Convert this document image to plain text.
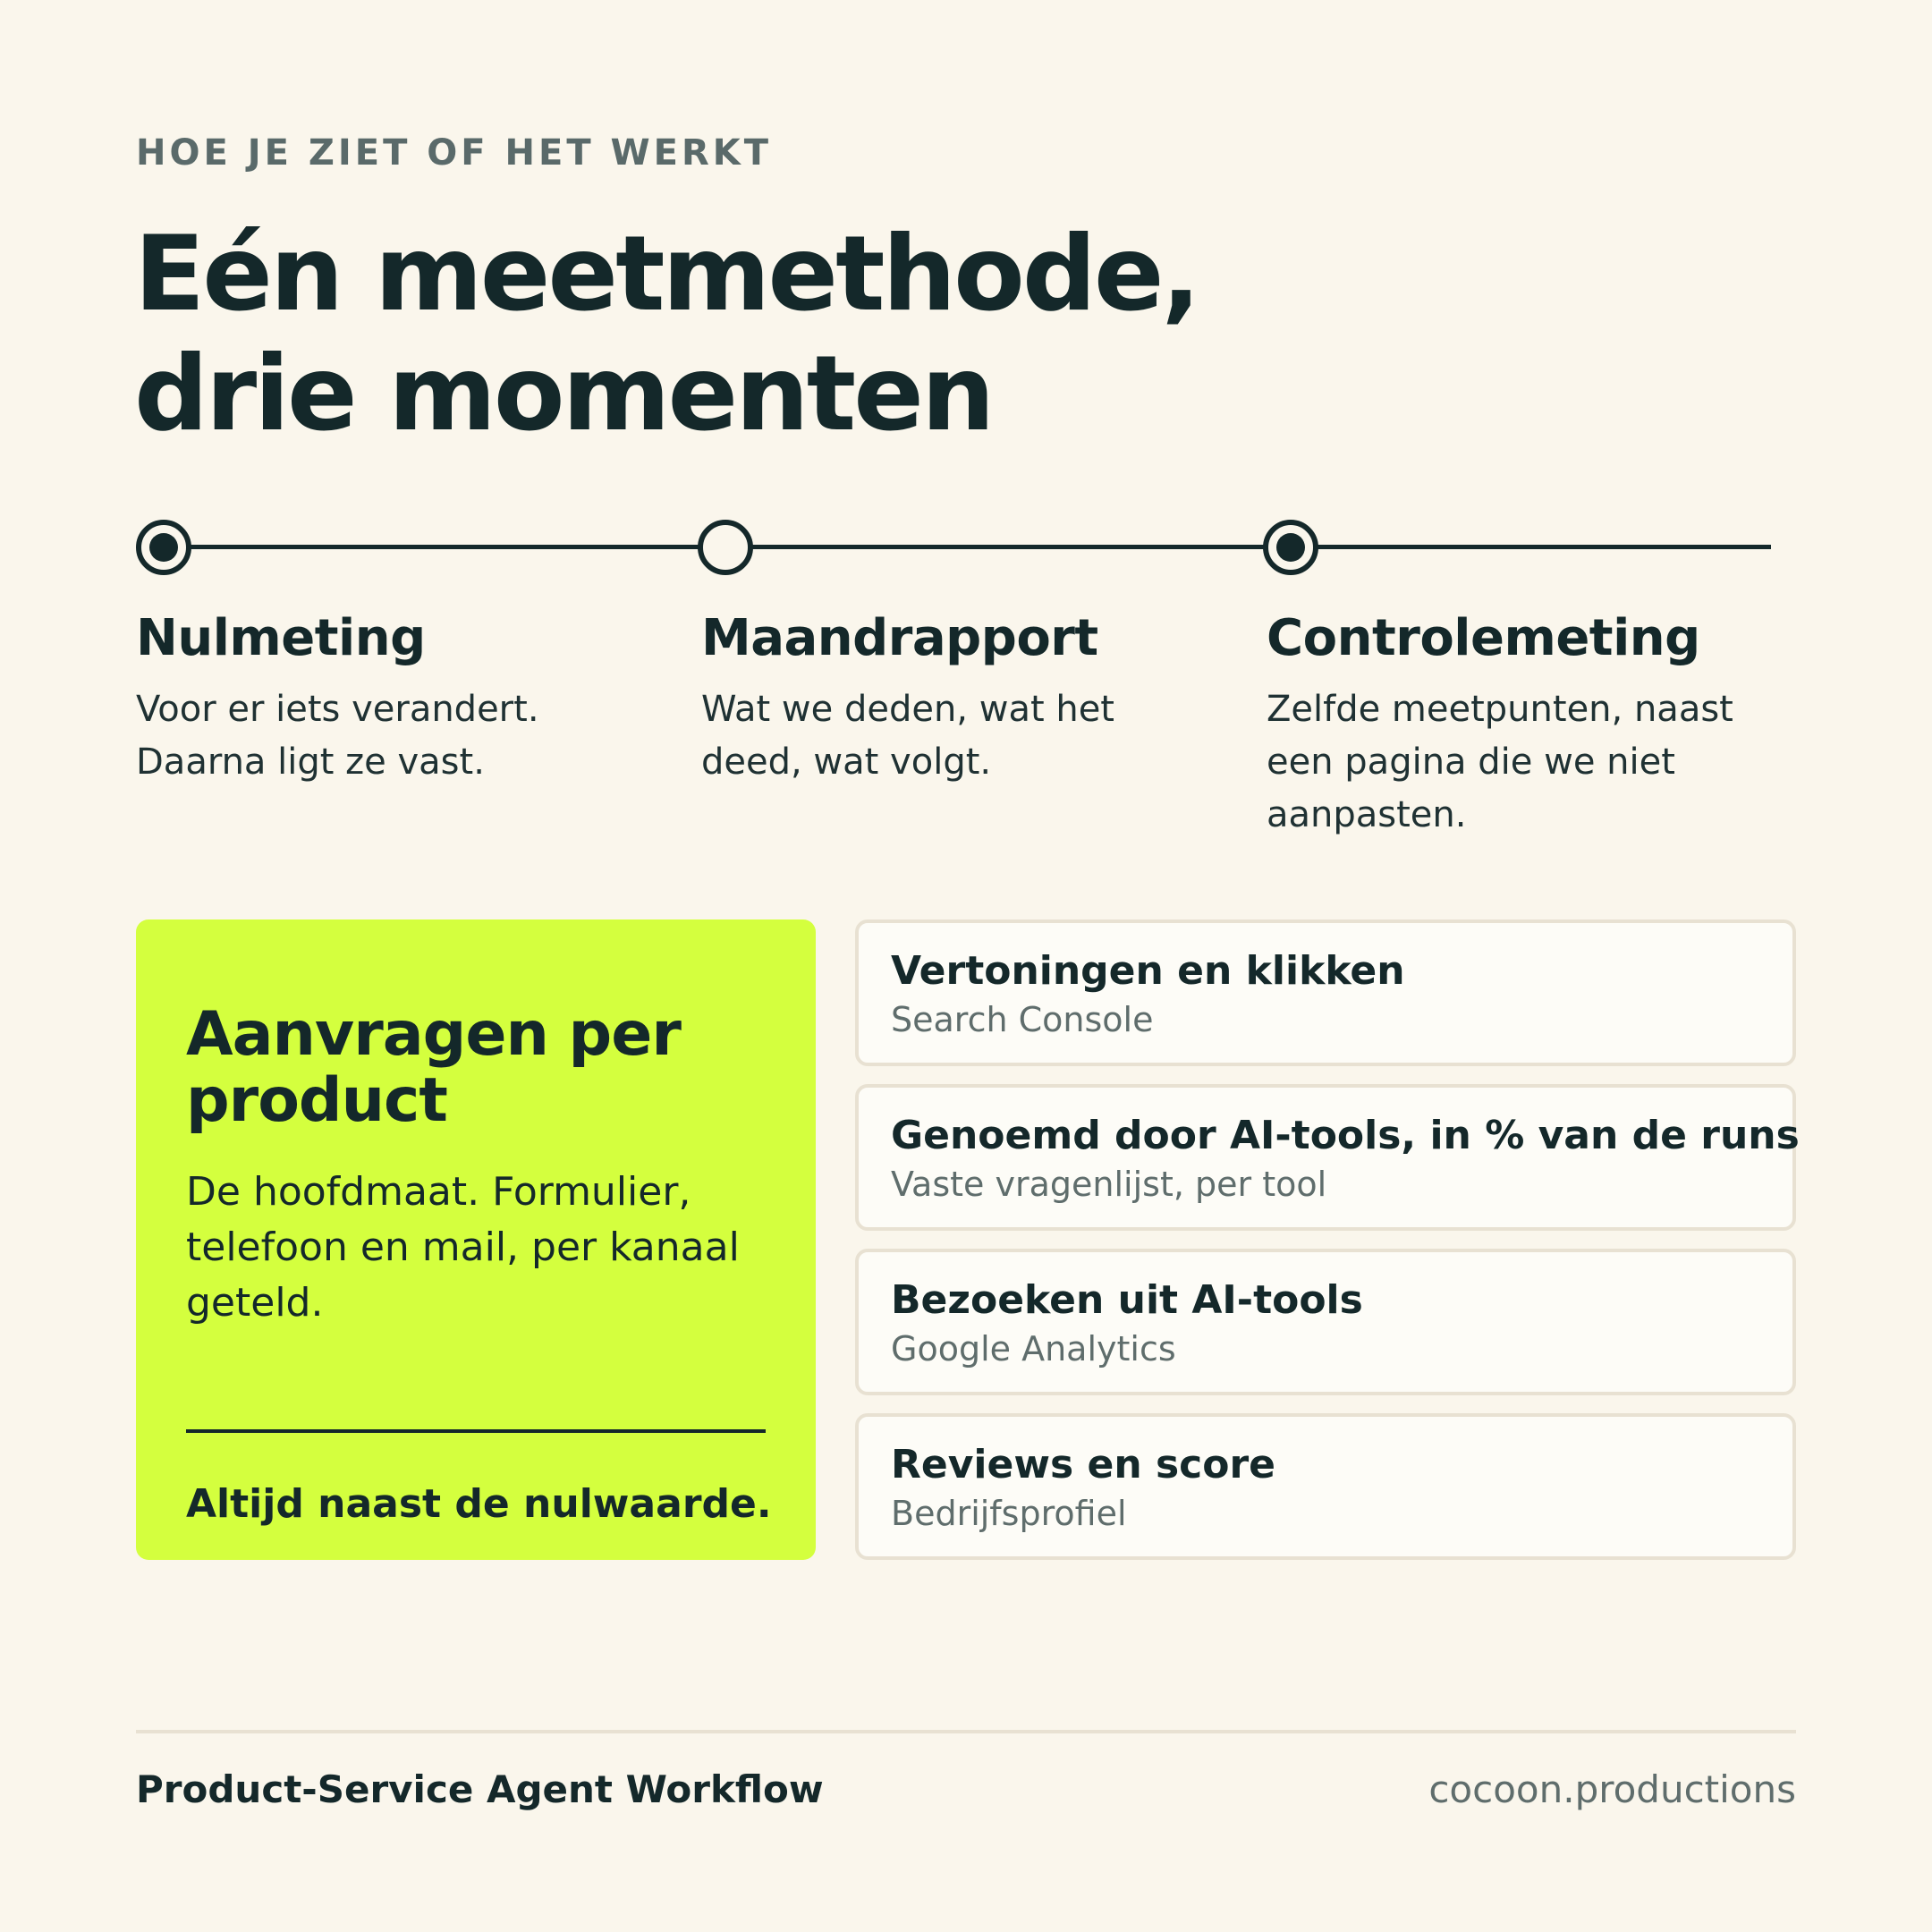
HOE JE ZIET OF HET WERKT
Eén meetmethode,
drie momenten
Nulmeting
Voor er iets verandert. Daarna ligt ze vast.
Maandrapport
Wat we deden, wat het deed, wat volgt.
Controlemeting
Zelfde meetpunten, naast een pagina die we niet aanpasten.
Aanvragen per product
De hoofdmaat. Formulier, telefoon en mail, per kanaal geteld.
Altijd naast de nulwaarde.
Vertoningen en klikken
Search Console
Genoemd door AI-tools, in % van de runs
Vaste vragenlijst, per tool
Bezoeken uit AI-tools
Google Analytics
Reviews en score
Bedrijfsprofiel
Product-Service Agent Workflow	cocoon.productions
